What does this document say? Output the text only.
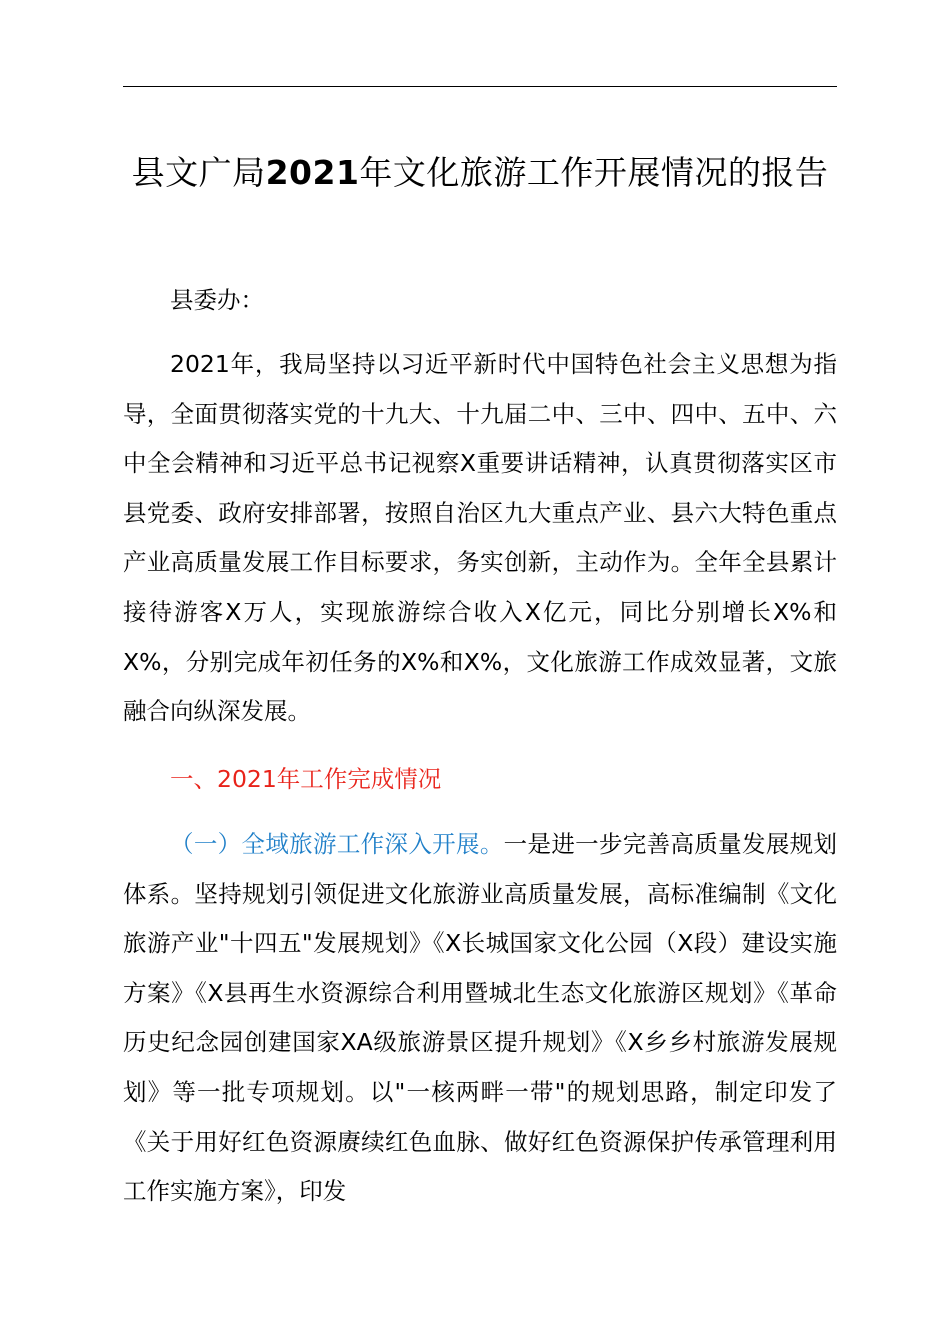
县文广局2021年文化旅游工作开展情况的报告

县委办：

2021年，我局坚持以习近平新时代中国特色社会主义思想为指导，全面贯彻落实党的十九大、十九届二中、三中、四中、五中、六中全会精神和习近平总书记视察X重要讲话精神，认真贯彻落实区市县党委、政府安排部署，按照自治区九大重点产业、县六大特色重点产业高质量发展工作目标要求，务实创新，主动作为。全年全县累计接待游客X万人，实现旅游综合收入X亿元，同比分别增长X%和X%，分别完成年初任务的X%和X%，文化旅游工作成效显著，文旅融合向纵深发展。

一、2021年工作完成情况

（一）全域旅游工作深入开展。一是进一步完善高质量发展规划体系。坚持规划引领促进文化旅游业高质量发展，高标准编制《文化旅游产业"十四五"发展规划》《X长城国家文化公园（X段）建设实施方案》《X县再生水资源综合利用暨城北生态文化旅游区规划》《革命历史纪念园创建国家XA级旅游景区提升规划》《X乡乡村旅游发展规划》等一批专项规划。以"一核两畔一带"的规划思路，制定印发了《关于用好红色资源赓续红色血脉、做好红色资源保护传承管理利用工作实施方案》，印发
